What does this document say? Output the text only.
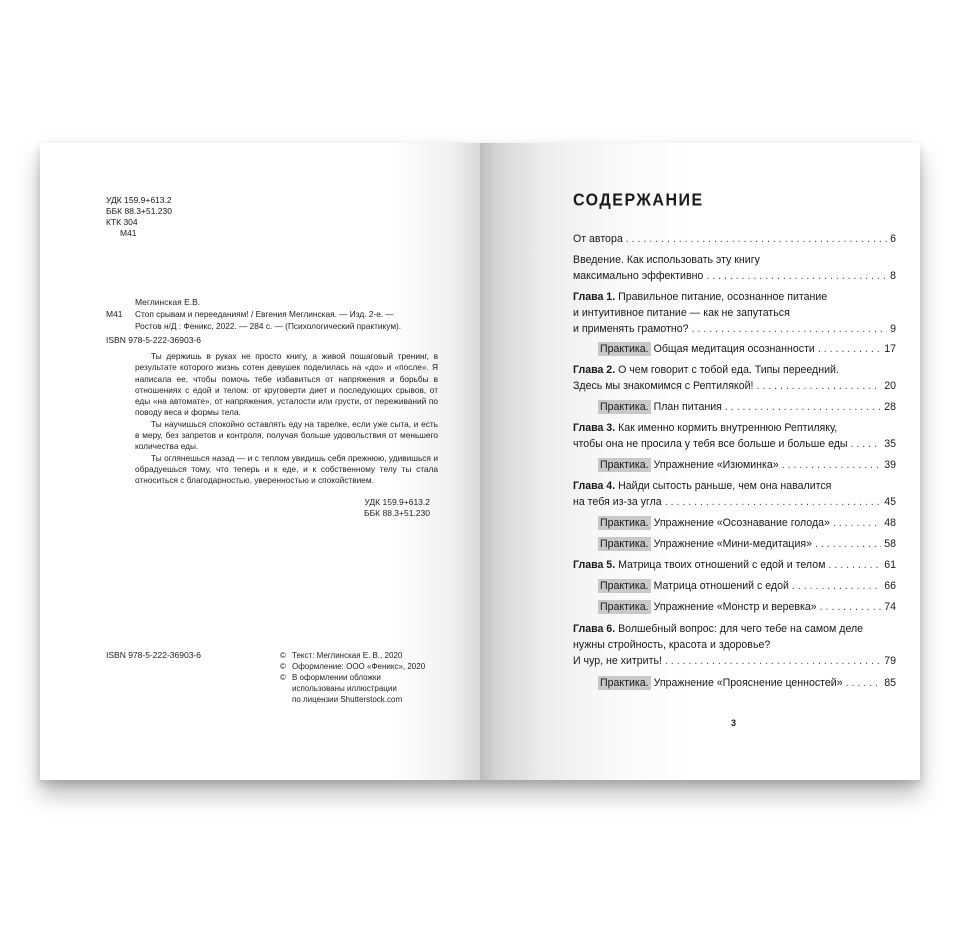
УДК 159.9+613.2
ББК 88.3+51.230
КТК 304
М41
Меглинская Е.В.
М41 Стоп срывам и перееданиям! / Евгения Меглинская. — Изд. 2-е. —
Ростов н/Д : Феникс, 2022. — 284 с. — (Психологический практикум).
ISBN 978-5-222-36903-6
Ты держишь в руках не просто книгу, а живой пошаговый тренинг, в результате которого жизнь сотен девушек поделилась на «до» и «после». Я написала ее, чтобы помочь тебе избавиться от напряжения и борьбы в отношениях с едой и телом: от круговерти диет и последующих срывов, от еды «на автомате», от напряжения, усталости или грусти, от переживаний по поводу веса и формы тела.
Ты научишься спокойно оставлять еду на тарелке, если уже сыта, и есть в меру, без запретов и контроля, получая больше удовольствия от меньшего количества еды.
Ты оглянешься назад — и с теплом увидишь себя прежнюю, удивишься и обрадуешься тому, что теперь и к еде, и к собственному телу ты стала относиться с благодарностью, уверенностью и спокойствием.
УДК 159.9+613.2
ББК 88.3+51.230
ISBN 978-5-222-36903-6	© Текст: Меглинская Е. В., 2020
© Оформление: ООО «Феникс», 2020
© В оформлении обложки
использованы иллюстрации
по лицензии Shutterstock.com
СОДЕРЖАНИЕ
От автора . . .	6
Введение. Как использовать эту книгу
максимально эффективно . . .	8
Глава 1. Правильное питание, осознанное питание
и интуитивное питание — как не запутаться
и применять грамотно? . . .	9
Практика.
Общая медитация осознанности . . .	17
Глава 2. О чем говорит с тобой еда. Типы переедний.
Здесь мы знакомимся с Рептилякой! . . .	20
Практика.
План питания . . .	28
Глава 3. Как именно кормить внутреннюю Рептиляку,
чтобы она не просила у тебя все больше и больше еды . . .	35
Практика.
Упражнение «Изюминка» . . .	39
Глава 4. Найди сытость раньше, чем она навалится
на тебя из-за угла . . .	45
Практика.
Упражнение «Осознавание голода» . . .	48
Практика.
Упражнение «Мини-медитация» . . .	58
Глава 5.
Матрица твоих отношений с едой и телом . . .	61
Практика.
Матрица отношений с едой . . .	66
Практика.
Упражнение «Монстр и веревка» . . .	74
Глава 6. Волшебный вопрос: для чего тебе на самом деле
нужны стройность, красота и здоровье?
И чур, не хитрить! . . .	79
Практика.
Упражнение «Прояснение ценностей» . . .	85
3
